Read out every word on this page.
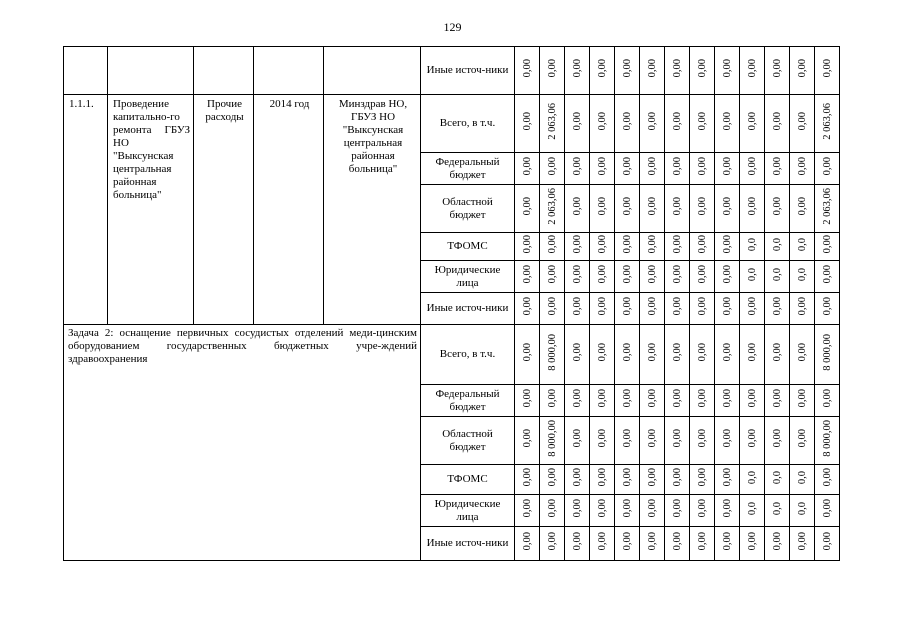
129
					Иные источ-ники	0,00	0,00	0,00	0,00	0,00	0,00	0,00	0,00	0,00	0,00	0,00	0,00	0,00
1.1.1.	Проведение капитально-го ремонта ГБУЗ НО "Выксунская центральная районная больница"	Прочие расходы	2014 год	Минздрав НО, ГБУЗ НО "Выксунская центральная районная больница"	Всего, в т.ч.	0,00	2 063,06	0,00	0,00	0,00	0,00	0,00	0,00	0,00	0,00	0,00	0,00	2 063,06
					Федеральный бюджет	0,00	0,00	0,00	0,00	0,00	0,00	0,00	0,00	0,00	0,00	0,00	0,00	0,00
					Областной бюджет	0,00	2 063,06	0,00	0,00	0,00	0,00	0,00	0,00	0,00	0,00	0,00	0,00	2 063,06
					ТФОМС	0,00	0,00	0,00	0,00	0,00	0,00	0,00	0,00	0,00	0,0	0,0	0,0	0,00
					Юридические лица	0,00	0,00	0,00	0,00	0,00	0,00	0,00	0,00	0,00	0,0	0,0	0,0	0,00
					Иные источ-ники	0,00	0,00	0,00	0,00	0,00	0,00	0,00	0,00	0,00	0,00	0,00	0,00	0,00
Задача 2: оснащение первичных сосудистых отделений меди-цинским оборудованием государственных бюджетных учре-ждений здравоохранения					Всего, в т.ч.	0,00	8 000,00	0,00	0,00	0,00	0,00	0,00	0,00	0,00	0,00	0,00	0,00	8 000,00
					Федеральный бюджет	0,00	0,00	0,00	0,00	0,00	0,00	0,00	0,00	0,00	0,00	0,00	0,00	0,00
					Областной бюджет	0,00	8 000,00	0,00	0,00	0,00	0,00	0,00	0,00	0,00	0,00	0,00	0,00	8 000,00
					ТФОМС	0,00	0,00	0,00	0,00	0,00	0,00	0,00	0,00	0,00	0,0	0,0	0,0	0,00
					Юридические лица	0,00	0,00	0,00	0,00	0,00	0,00	0,00	0,00	0,00	0,0	0,0	0,0	0,00
					Иные источ-ники	0,00	0,00	0,00	0,00	0,00	0,00	0,00	0,00	0,00	0,00	0,00	0,00	0,00
